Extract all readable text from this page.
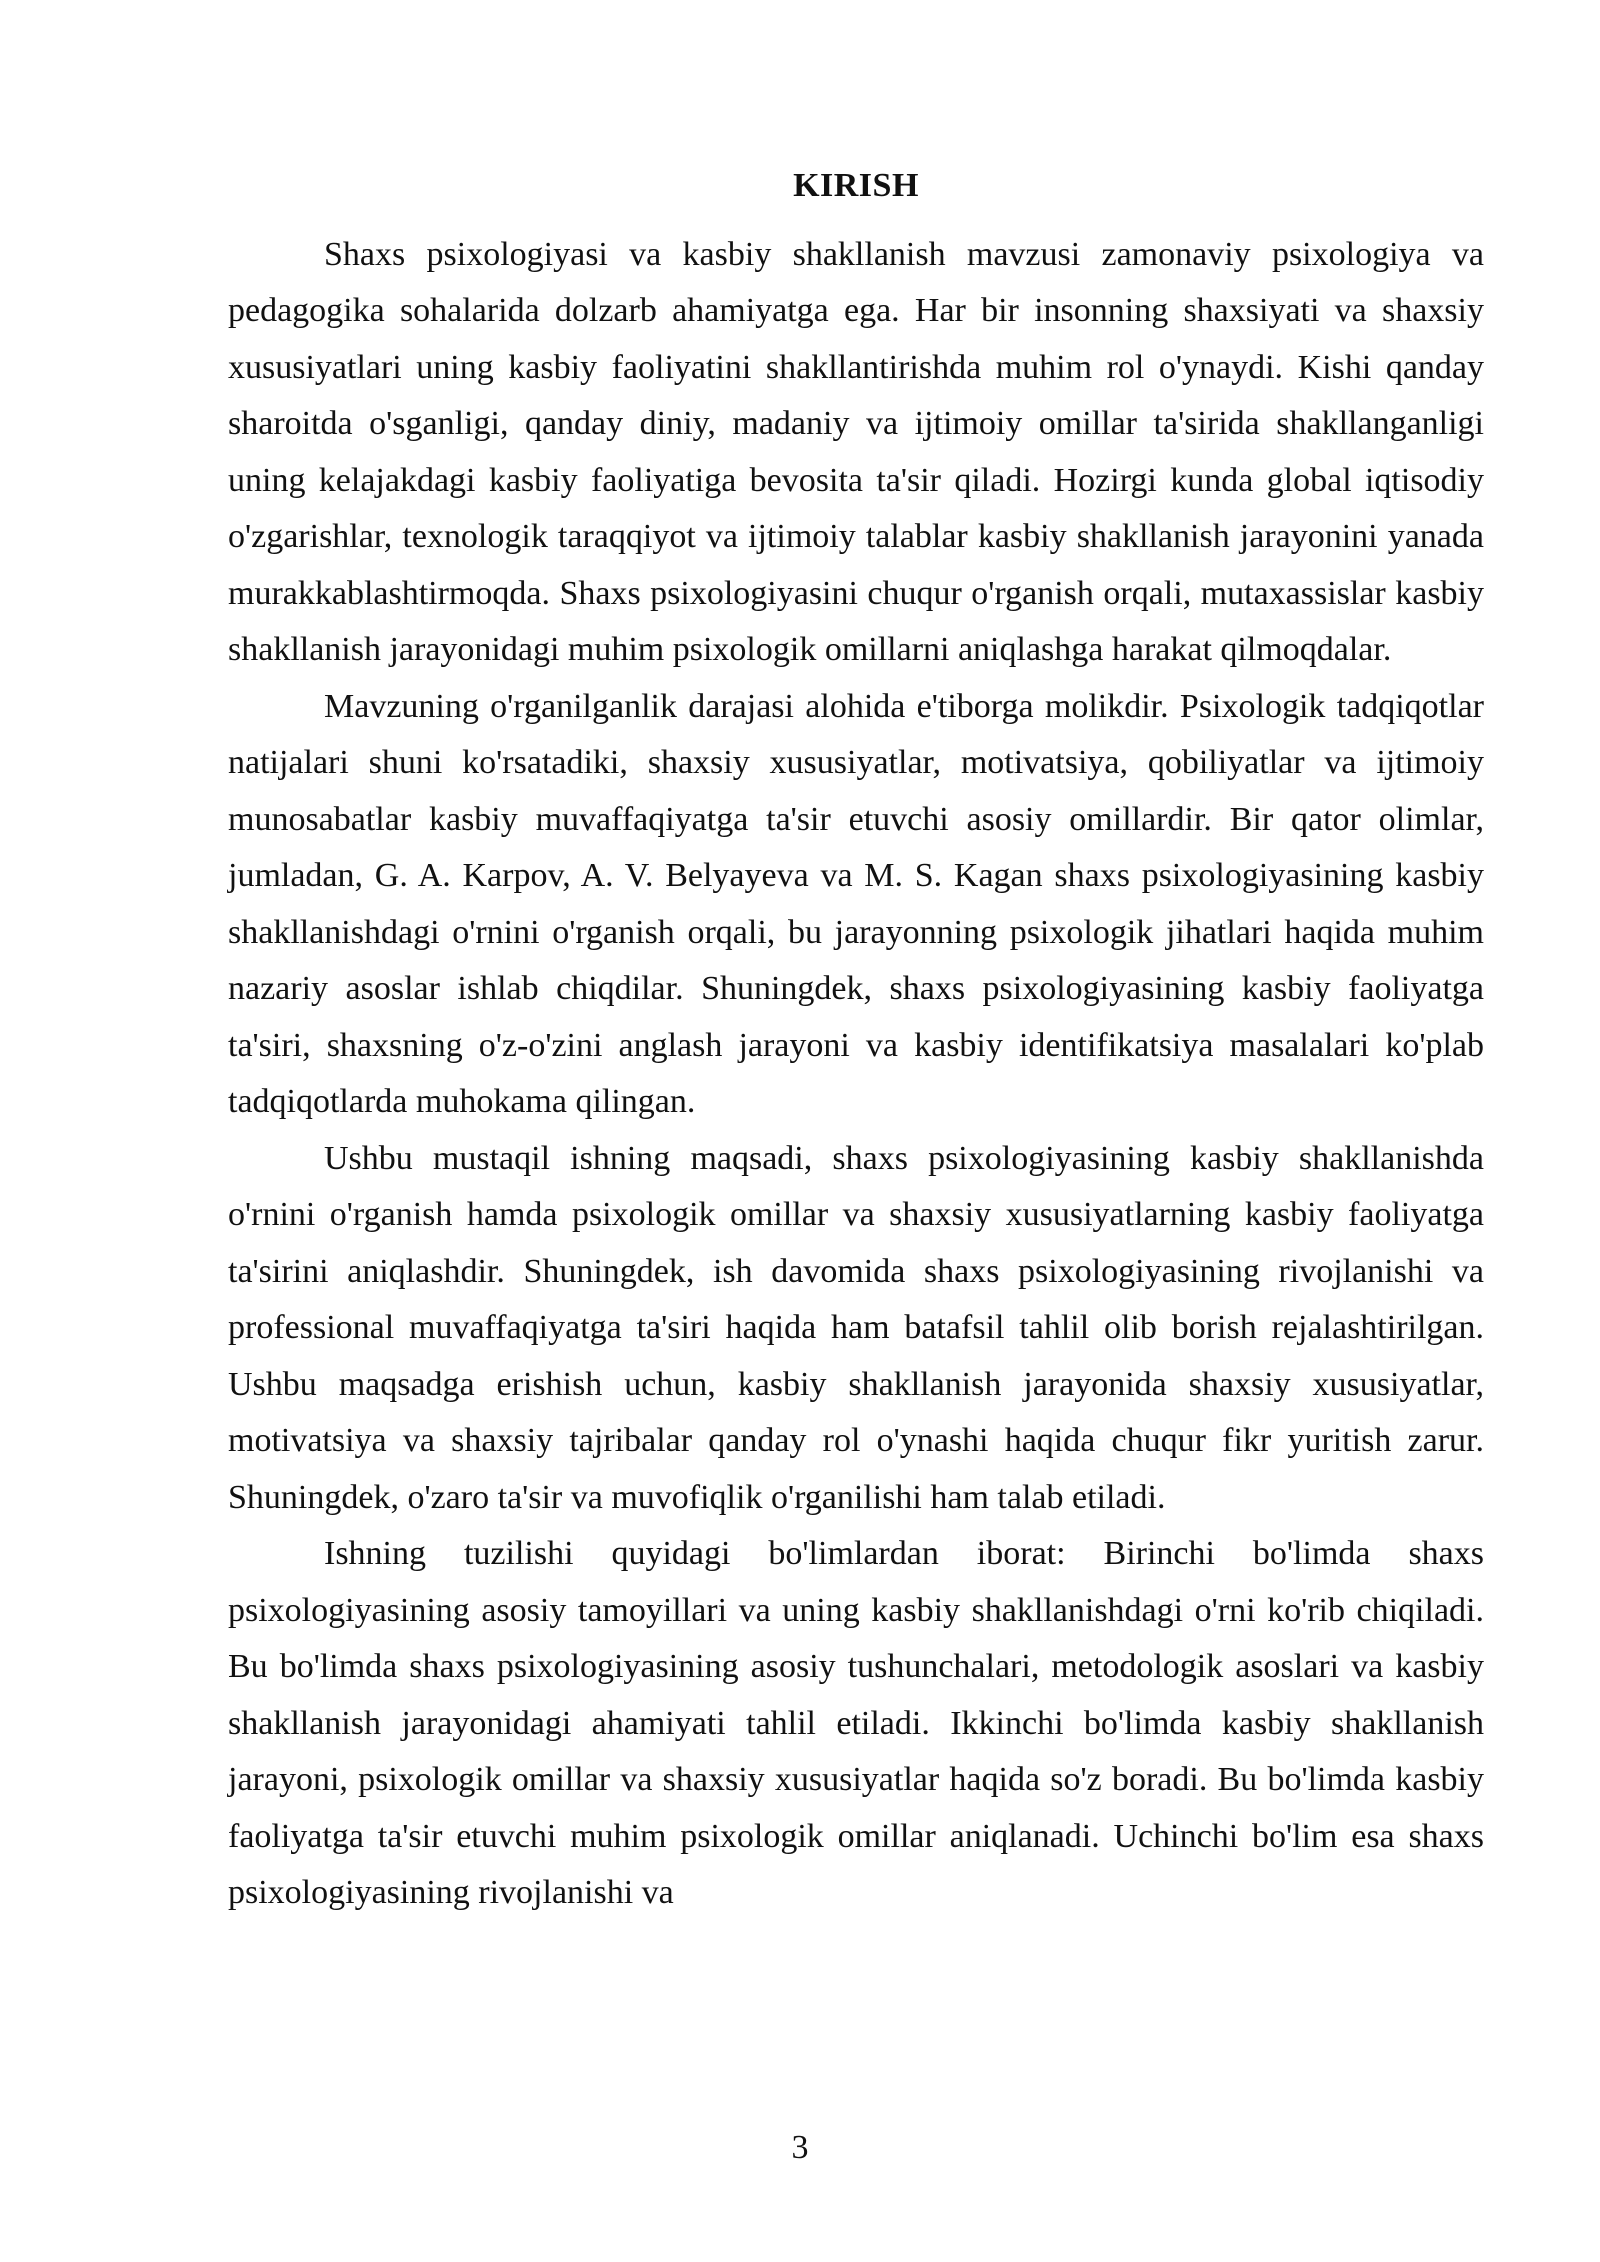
KIRISH

Shaxs psixologiyasi va kasbiy shakllanish mavzusi zamonaviy psixologiya va pedagogika sohalarida dolzarb ahamiyatga ega. Har bir insonning shaxsiyati va shaxsiy xususiyatlari uning kasbiy faoliyatini shakllantirishda muhim rol o'ynaydi. Kishi qanday sharoitda o'sganligi, qanday diniy, madaniy va ijtimoiy omillar ta'sirida shakllanganligi uning kelajakdagi kasbiy faoliyatiga bevosita ta'sir qiladi. Hozirgi kunda global iqtisodiy o'zgarishlar, texnologik taraqqiyot va ijtimoiy talablar kasbiy shakllanish jarayonini yanada murakkablashtirmoqda. Shaxs psixologiyasini chuqur o'rganish orqali, mutaxassislar kasbiy shakllanish jarayonidagi muhim psixologik omillarni aniqlashga harakat qilmoqdalar.

Mavzuning o'rganilganlik darajasi alohida e'tiborga molikdir. Psixologik tadqiqotlar natijalari shuni ko'rsatadiki, shaxsiy xususiyatlar, motivatsiya, qobiliyatlar va ijtimoiy munosabatlar kasbiy muvaffaqiyatga ta'sir etuvchi asosiy omillardir. Bir qator olimlar, jumladan, G. A. Karpov, A. V. Belyayeva va M. S. Kagan shaxs psixologiyasining kasbiy shakllanishdagi o'rnini o'rganish orqali, bu jarayonning psixologik jihatlari haqida muhim nazariy asoslar ishlab chiqdilar. Shuningdek, shaxs psixologiyasining kasbiy faoliyatga ta'siri, shaxsning o'z-o'zini anglash jarayoni va kasbiy identifikatsiya masalalari ko'plab tadqiqotlarda muhokama qilingan.

Ushbu mustaqil ishning maqsadi, shaxs psixologiyasining kasbiy shakllanishda o'rnini o'rganish hamda psixologik omillar va shaxsiy xususiyatlarning kasbiy faoliyatga ta'sirini aniqlashdir. Shuningdek, ish davomida shaxs psixologiyasining rivojlanishi va professional muvaffaqiyatga ta'siri haqida ham batafsil tahlil olib borish rejalashtirilgan. Ushbu maqsadga erishish uchun, kasbiy shakllanish jarayonida shaxsiy xususiyatlar, motivatsiya va shaxsiy tajribalar qanday rol o'ynashi haqida chuqur fikr yuritish zarur. Shuningdek, o'zaro ta'sir va muvofiqlik o'rganilishi ham talab etiladi.

Ishning tuzilishi quyidagi bo'limlardan iborat: Birinchi bo'limda shaxs psixologiyasining asosiy tamoyillari va uning kasbiy shakllanishdagi o'rni ko'rib chiqiladi. Bu bo'limda shaxs psixologiyasining asosiy tushunchalari, metodologik asoslari va kasbiy shakllanish jarayonidagi ahamiyati tahlil etiladi. Ikkinchi bo'limda kasbiy shakllanish jarayoni, psixologik omillar va shaxsiy xususiyatlar haqida so'z boradi. Bu bo'limda kasbiy faoliyatga ta'sir etuvchi muhim psixologik omillar aniqlanadi. Uchinchi bo'lim esa shaxs psixologiyasining rivojlanishi va

3
